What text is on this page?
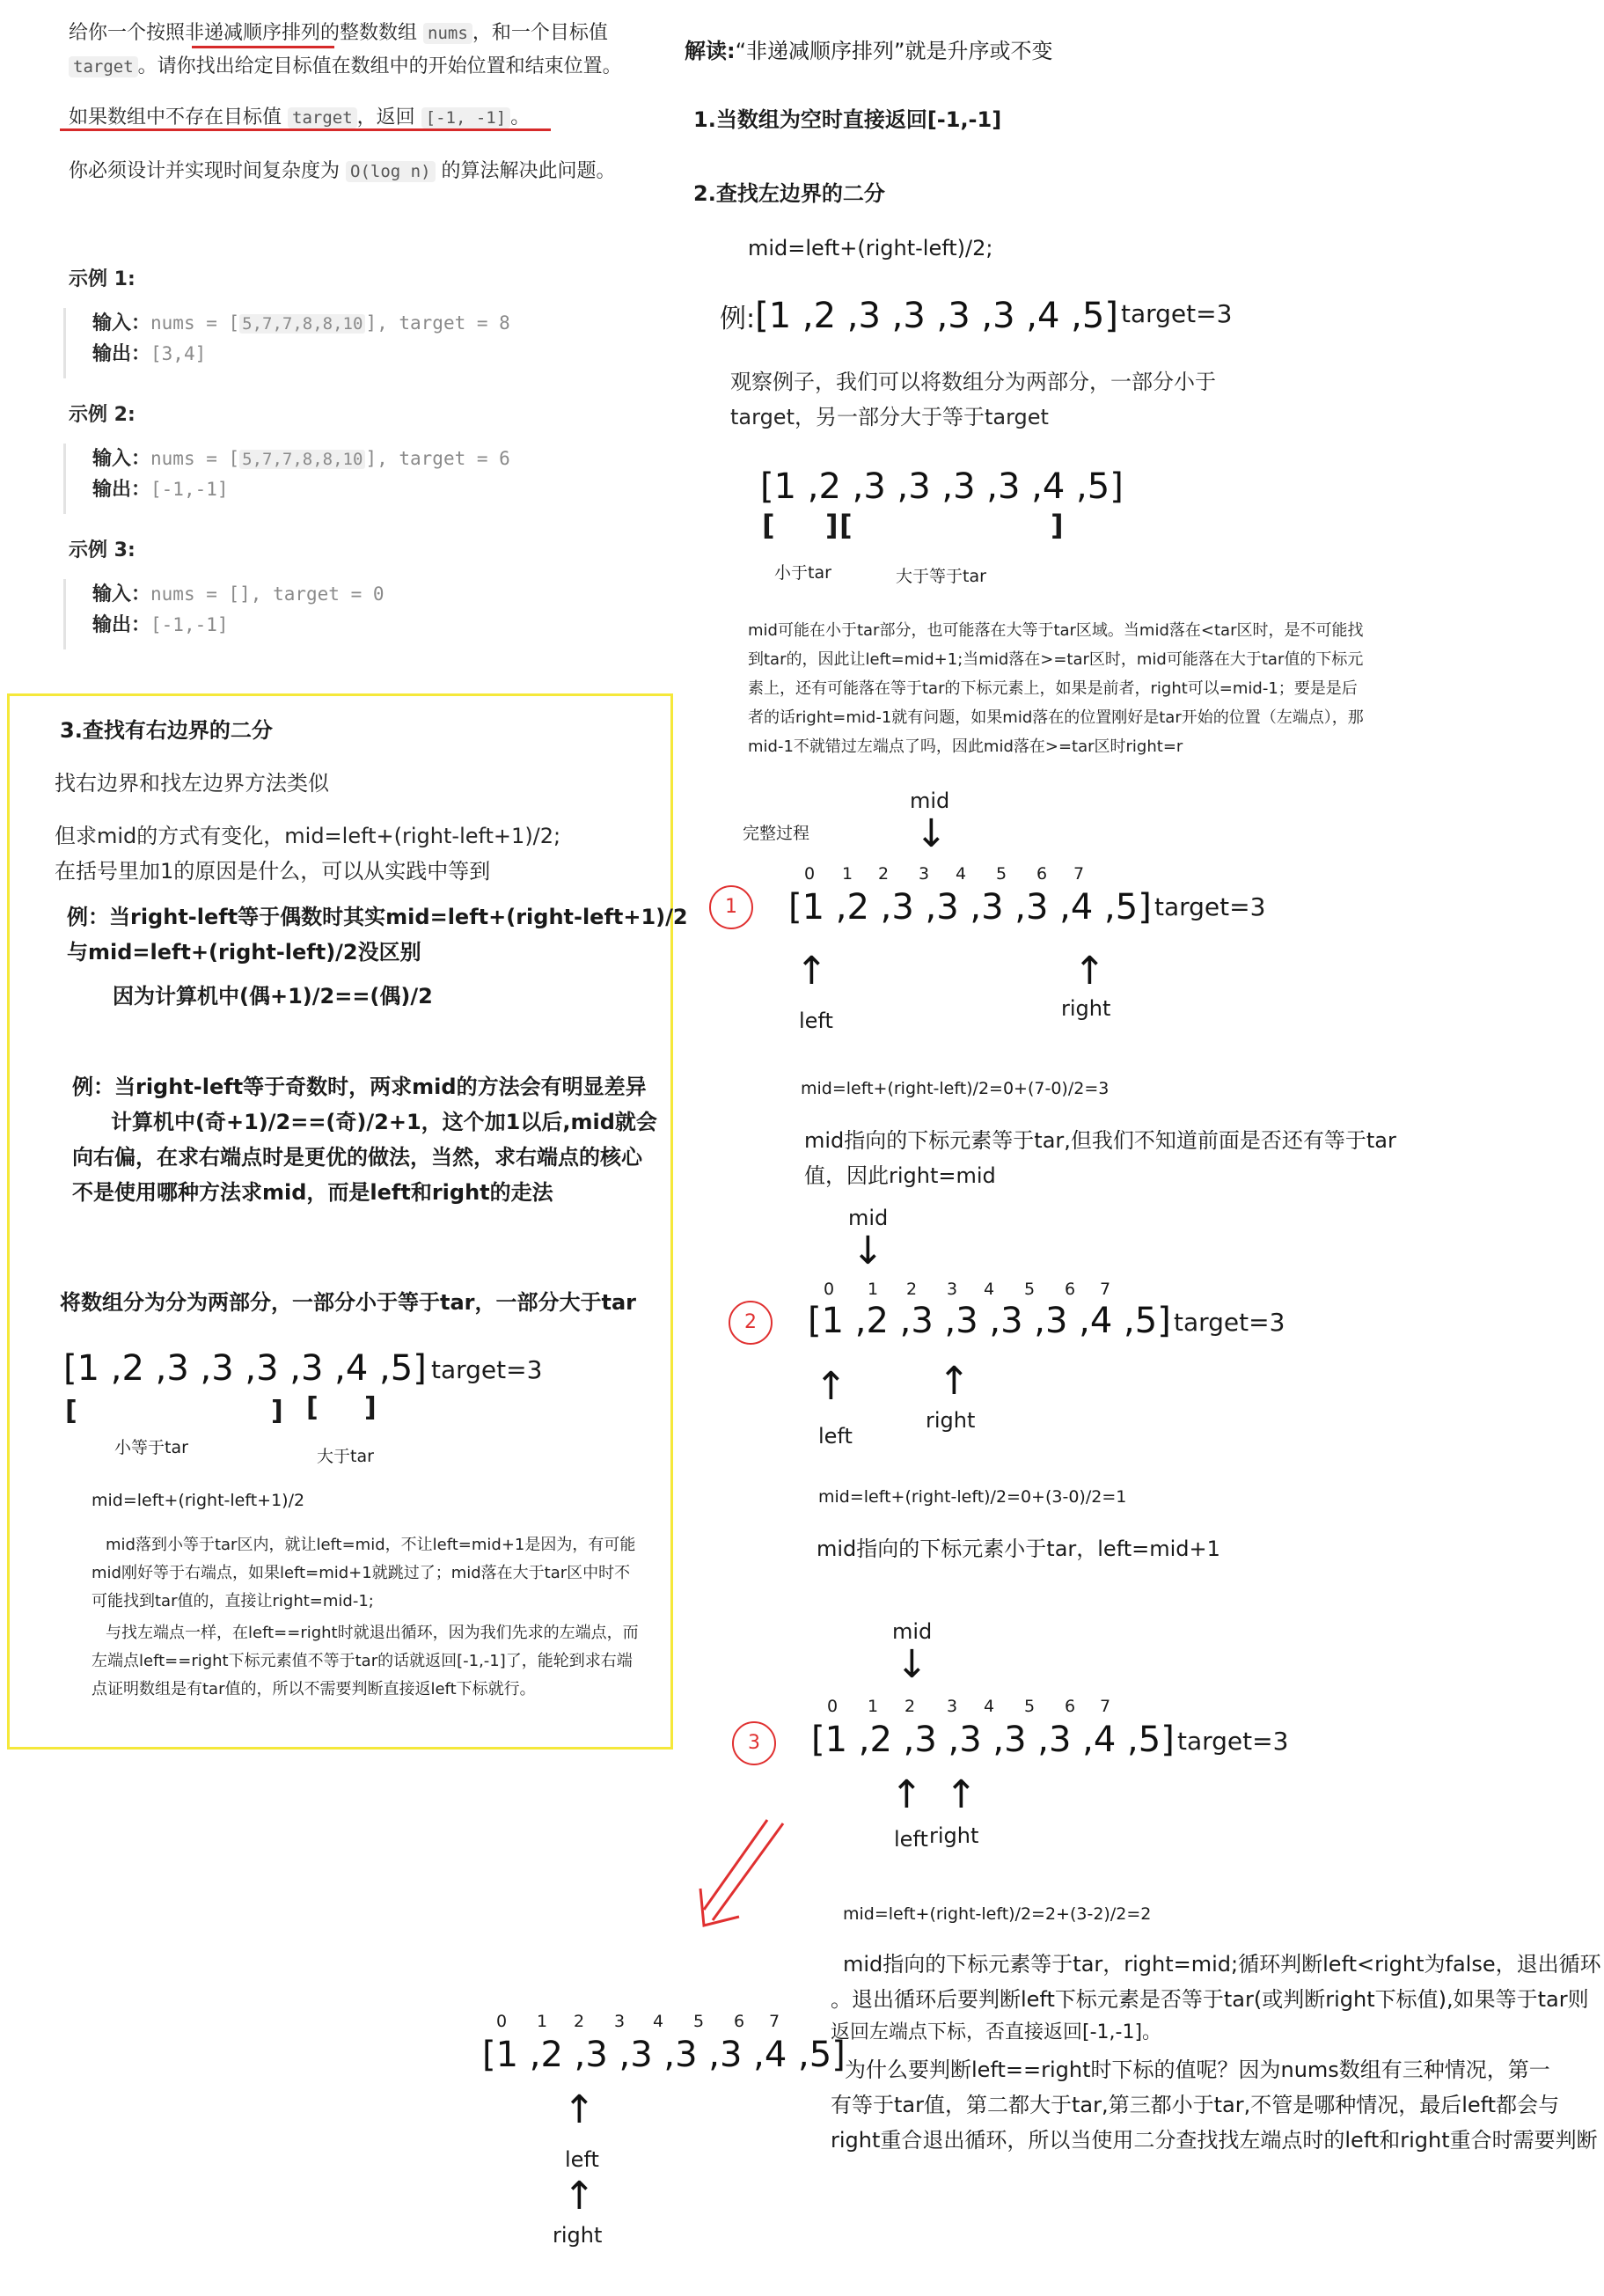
给你一个按照非递减顺序排列的整数数组 nums ，和一个目标值
target 。请你找出给定目标值在数组中的开始位置和结束位置。
如果数组中不存在目标值 target ，返回 [-1, -1] 。
你必须设计并实现时间复杂度为 O(log n) 的算法解决此问题。
示例 1:
输入：nums = [ 5,7,7,8,8,10 ], target = 8
输出：[3,4]
示例 2:
输入：nums = [ 5,7,7,8,8,10 ], target = 6
输出：[-1,-1]
示例 3:
输入：nums = [], target = 0
输出：[-1,-1]
3.查找有右边界的二分
找右边界和找左边界方法类似
但求mid的方式有变化，mid=left+(right-left+1)/2;
在括号里加1的原因是什么，可以从实践中等到
例：当right-left等于偶数时其实mid=left+(right-left+1)/2
与mid=left+(right-left)/2没区别
因为计算机中(偶+1)/2==(偶)/2
例：当right-left等于奇数时，两求mid的方法会有明显差异
计算机中(奇+1)/2==(奇)/2+1，这个加1以后,mid就会
向右偏，在求右端点时是更优的做法，当然，求右端点的核心
不是使用哪种方法求mid，而是left和right的走法
将数组分为分为两部分，一部分小于等于tar，一部分大于tar
[1 ,2 ,3 ,3 ,3 ,3 ,4 ,5] target=3
[	] [ ]
小等于tar	大于tar
mid=left+(right-left+1)/2
mid落到小等于tar区内，就让left=mid，不让left=mid+1是因为，有可能mid刚好等于右端点，如果left=mid+1就跳过了；mid落在大于tar区中时不可能找到tar值的，直接让right=mid-1;
与找左端点一样，在left==right时就退出循环，因为我们先求的左端点，而左端点left==right下标元素值不等于tar的话就返回[-1,-1]了，能轮到求右端点证明数组是有tar值的，所以不需要判断直接返left下标就行。
解读:“非递减顺序排列”就是升序或不变
1.当数组为空时直接返回[-1,-1]
2.查找左边界的二分
mid=left+(right-left)/2;
例:[1 ,2 ,3 ,3 ,3 ,3 ,4 ,5] target=3
观察例子，我们可以将数组分为两部分，一部分小于
target，另一部分大于等于target
[1 ,2 ,3 ,3 ,3 ,3 ,4 ,5]
[ ] [	]
小于tar	大于等于tar
mid可能在小于tar部分，也可能落在大等于tar区域。当mid落在<tar区时，是不可能找到tar的，因此让left=mid+1;当mid落在>=tar区时，mid可能落在大于tar值的下标元素上，还有可能落在等于tar的下标元素上，如果是前者，right可以=mid-1；要是是后者的话right=mid-1就有问题，如果mid落在的位置刚好是tar开始的位置（左端点），那mid-1不就错过左端点了吗，因此mid落在>=tar区时right=r
完整过程
mid
↓
0 1 2 3 4 5 6 7
1	[1 ,2 ,3 ,3 ,3 ,3 ,4 ,5] target=3
↑	↑
left	right
mid=left+(right-left)/2=0+(7-0)/2=3
mid指向的下标元素等于tar,但我们不知道前面是否还有等于tar
值，因此right=mid
mid
↓
0 1 2 3 4 5 6 7
2	[1 ,2 ,3 ,3 ,3 ,3 ,4 ,5] target=3
↑ ↑
left
right
mid=left+(right-left)/2=0+(3-0)/2=1
mid指向的下标元素小于tar，left=mid+1
mid
↓
0 1 2 3 4 5 6 7
3	[1 ,2 ,3 ,3 ,3 ,3 ,4 ,5] target=3
↑ ↑
left right
mid=left+(right-left)/2=2+(3-2)/2=2
mid指向的下标元素等于tar，right=mid;循环判断left<right为false，退出循环
。退出循环后要判断left下标元素是否等于tar(或判断right下标值),如果等于tar则
返回左端点下标，否直接返回[-1,-1]。
为什么要判断left==right时下标的值呢？因为nums数组有三种情况，第一
有等于tar值，第二都大于tar,第三都小于tar,不管是哪种情况，最后left都会与
right重合退出循环，所以当使用二分查找找左端点时的left和right重合时需要判断
0 1 2 3 4 5 6 7
[1 ,2 ,3 ,3 ,3 ,3 ,4 ,5]
↑
left
↑
right
